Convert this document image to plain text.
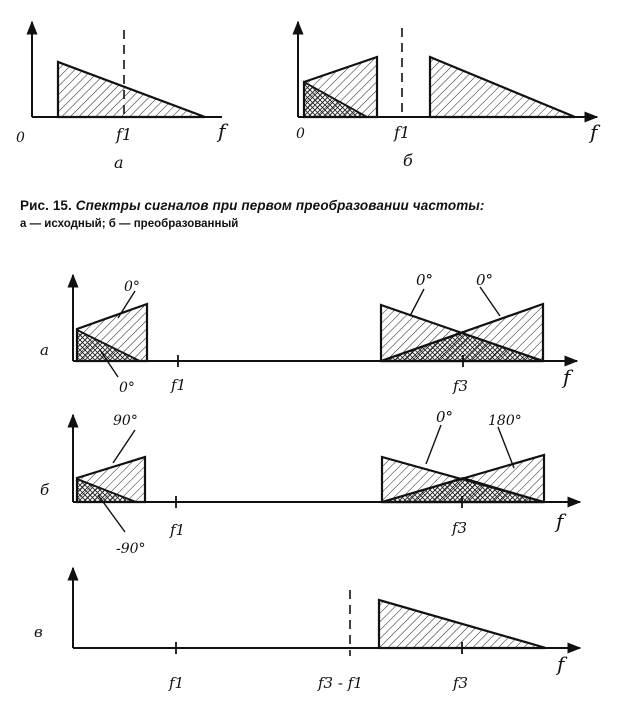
0	f1	f
а
0	f1	f
б
а
0°
0°
0°	0°
f1	f3	f
б
90°
-90°
0° 180°
f1	f3	f
в
f1	f3 - f1	f3
f
Рис. 15. Спектры сигналов при первом преобразовании частоты:
а — исходный; б — преобразованный
